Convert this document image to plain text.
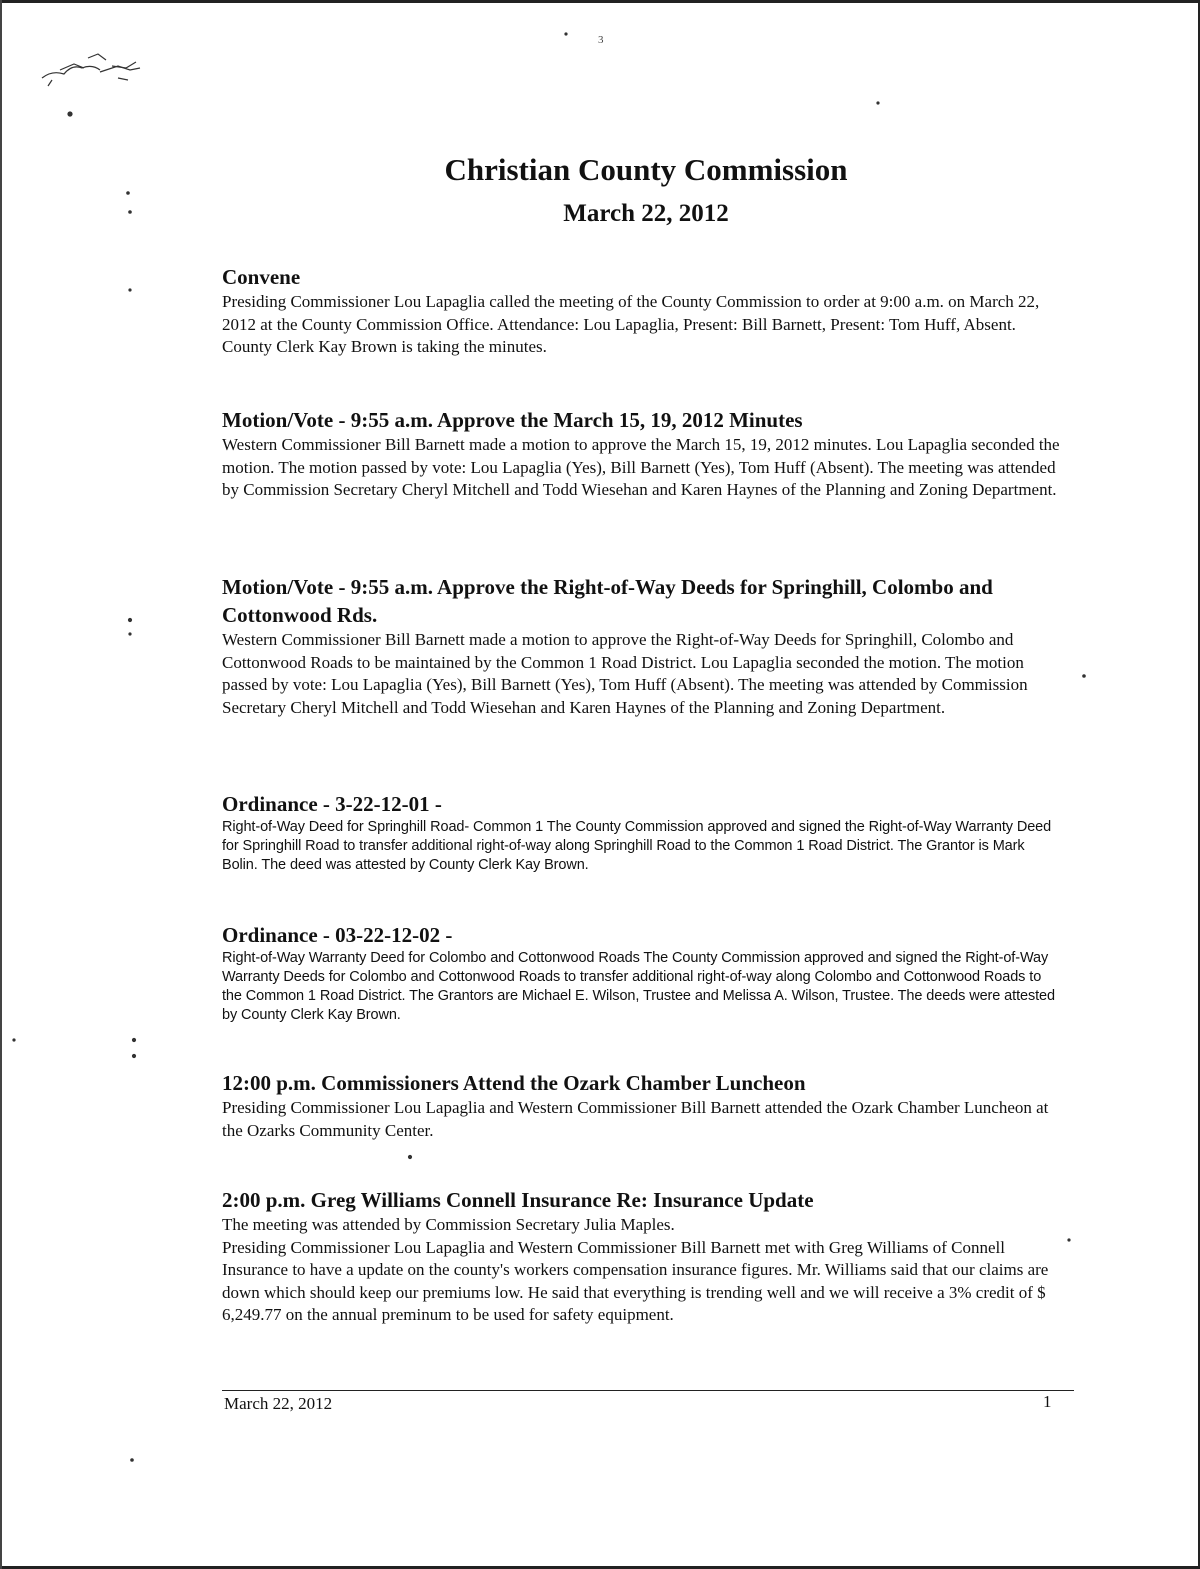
3
Christian County Commission
March 22, 2012
Convene

Presiding Commissioner Lou Lapaglia called the meeting of the County Commission to order at 9:00 a.m. on March 22, 2012 at the County Commission Office. Attendance: Lou Lapaglia, Present: Bill Barnett, Present: Tom Huff, Absent. County Clerk Kay Brown is taking the minutes.

Motion/Vote - 9:55 a.m. Approve the March 15, 19, 2012 Minutes

Western Commissioner Bill Barnett made a motion to approve the March 15, 19, 2012 minutes. Lou Lapaglia seconded the motion. The motion passed by vote: Lou Lapaglia (Yes), Bill Barnett (Yes), Tom Huff (Absent). The meeting was attended by Commission Secretary Cheryl Mitchell and Todd Wiesehan and Karen Haynes of the Planning and Zoning Department.

Motion/Vote - 9:55 a.m. Approve the Right-of-Way Deeds for Springhill, Colombo and Cottonwood Rds.

Western Commissioner Bill Barnett made a motion to approve the Right-of-Way Deeds for Springhill, Colombo and Cottonwood Roads to be maintained by the Common 1 Road District. Lou Lapaglia seconded the motion. The motion passed by vote: Lou Lapaglia (Yes), Bill Barnett (Yes), Tom Huff (Absent). The meeting was attended by Commission Secretary Cheryl Mitchell and Todd Wiesehan and Karen Haynes of the Planning and Zoning Department.

Ordinance - 3-22-12-01 -

Right-of-Way Deed for Springhill Road- Common 1 The County Commission approved and signed the Right-of-Way Warranty Deed for Springhill Road to transfer additional right-of-way along Springhill Road to the Common 1 Road District. The Grantor is Mark Bolin. The deed was attested by County Clerk Kay Brown.

Ordinance - 03-22-12-02 -

Right-of-Way Warranty Deed for Colombo and Cottonwood Roads The County Commission approved and signed the Right-of-Way Warranty Deeds for Colombo and Cottonwood Roads to transfer additional right-of-way along Colombo and Cottonwood Roads to the Common 1 Road District. The Grantors are Michael E. Wilson, Trustee and Melissa A. Wilson, Trustee. The deeds were attested by County Clerk Kay Brown.

12:00 p.m. Commissioners Attend the Ozark Chamber Luncheon

Presiding Commissioner Lou Lapaglia and Western Commissioner Bill Barnett attended the Ozark Chamber Luncheon at the Ozarks Community Center.

2:00 p.m. Greg Williams Connell Insurance Re: Insurance Update

The meeting was attended by Commission Secretary Julia Maples.

Presiding Commissioner Lou Lapaglia and Western Commissioner Bill Barnett met with Greg Williams of Connell Insurance to have a update on the county's workers compensation insurance figures. Mr. Williams said that our claims are down which should keep our premiums low. He said that everything is trending well and we will receive a 3% credit of $ 6,249.77 on the annual preminum to be used for safety equipment.

March 22, 2012	1
